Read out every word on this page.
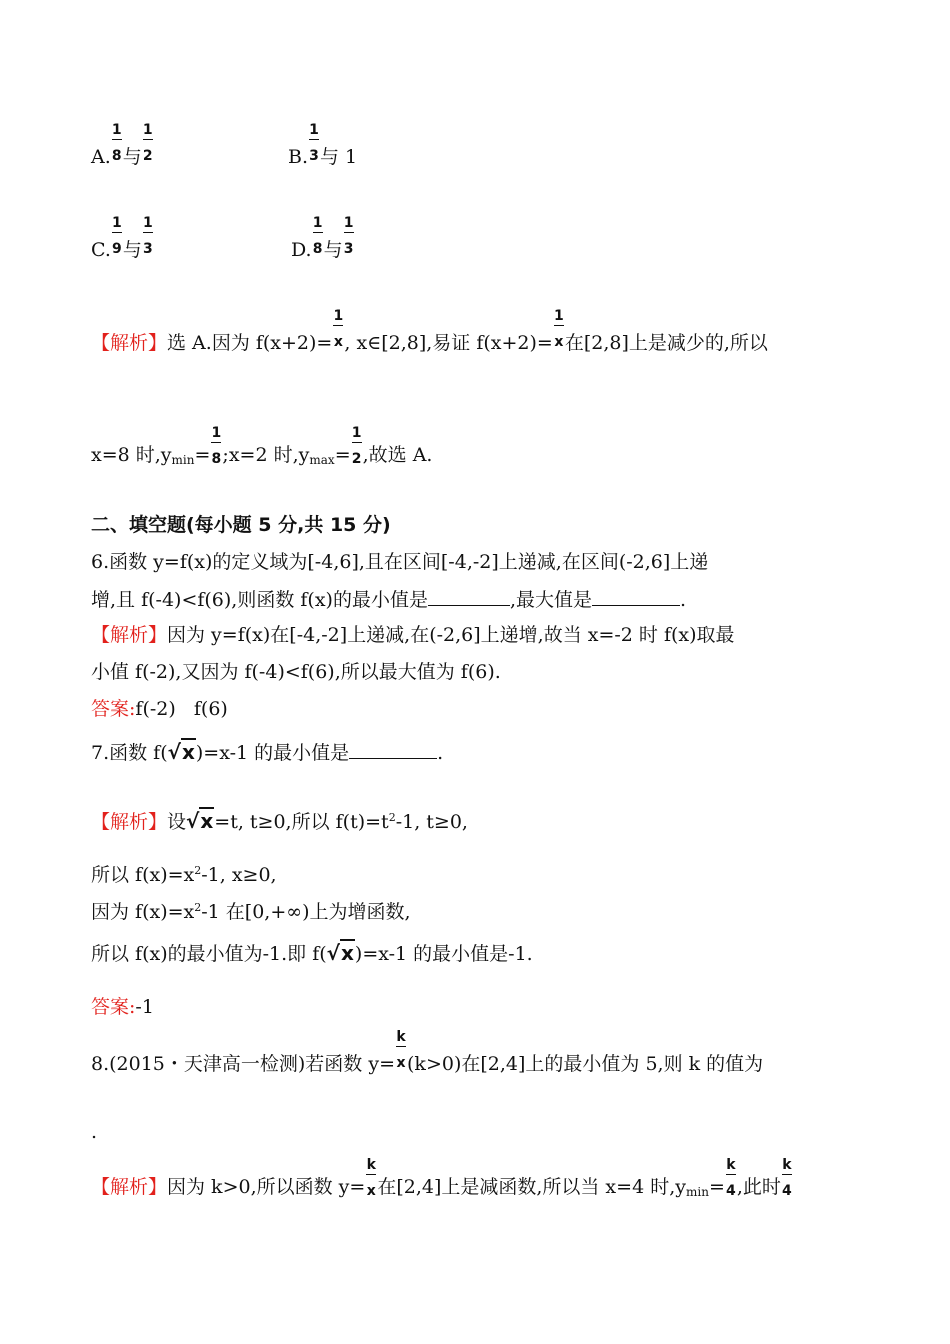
A. $\frac{1}{8}$ 与 $\frac{1}{2}$	B. $\frac{1}{3}$ 与 1
C. $\frac{1}{9}$ 与 $\frac{1}{3}$	D. $\frac{1}{8}$ 与 $\frac{1}{3}$
【解析】选 A.因为 $f(x+2)= \frac{1}{x}$ , x∈[2,8],易证 $f(x+2)= \frac{1}{x}$ 在[2,8]上是减少的,所以
x=8 时$,y_{min}= \frac{1}{8}$ ;x=2 时$,y_{max}= \frac{1}{2}$ ,故选 A.
二、填空题(每小题 5 分,共 15 分)
6.函数 y=f(x)的定义域为[-4,6],且在区间[-4,-2]上递减,在区间(-2,6]上递
增,且 f(-4)<f(6),则函数 f(x)的最小值是	,最大值是	.
【解析】因为 y=f(x)在[-4,-2]上递减,在(-2,6]上递增,故当 x=-2 时 f(x)取最
小值 f(-2),又因为 f(-4)<f(6),所以最大值为 f(6).
答案:f(-2)   f(6)
7.函数 f(√x)=x-1 的最小值是	.
【解析】设√x=t, t≥0,所以 $f(t)=t^2-1$, t≥0,
所以 $f(x)=x^2-1$, x≥0,
因为 $f(x)=x^2-1$ 在[0,+∞)上为增函数,
所以 f(x)的最小值为-1.即 f(√x)=x-1 的最小值是-1.
答案:-1
8.(2015・天津高一检测)若函数 $y= \frac{k}{x} (k>0)$在[2,4]上的最小值为 5,则 k 的值为
.
【解析】因为 k>0,所以函数 $y= \frac{k}{x}$ 在[2,4]上是减函数,所以当 x=4 时$,y_{min}= \frac{k}{4}$ ,此时 $\frac{k}{4}$
